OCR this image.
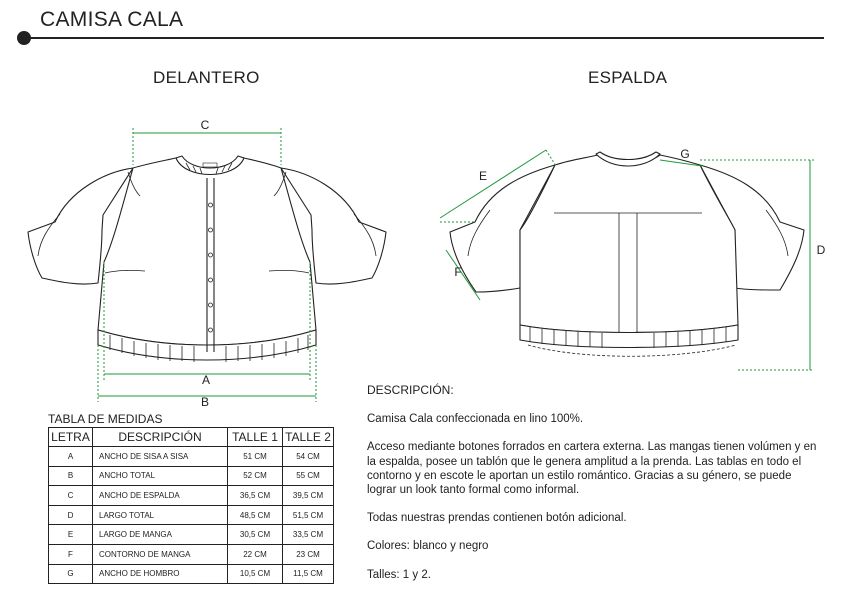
CAMISA CALA
DELANTERO	ESPALDA
C
A
B
E
F
G
D
TABLA DE MEDIDAS
LETRA	DESCRIPCIÓN	TALLE 1	TALLE 2
A	ANCHO DE SISA A SISA	51 CM	54 CM
B	ANCHO TOTAL	52 CM	55 CM
C	ANCHO DE ESPALDA	36,5 CM	39,5 CM
D	LARGO TOTAL	48,5 CM	51,5 CM
E	LARGO DE MANGA	30,5 CM	33,5 CM
F	CONTORNO DE MANGA	22 CM	23 CM
G	ANCHO DE HOMBRO	10,5 CM	11,5 CM

DESCRIPCIÓN:

Camisa Cala confeccionada en lino 100%.

Acceso mediante botones forrados en cartera externa. Las mangas tienen volúmen y en la espalda, posee un tablón que le genera amplitud a la prenda. Las tablas en todo el contorno y en escote le aportan un estilo romántico. Gracias a su género, se puede lograr un look tanto formal como informal.

Todas nuestras prendas contienen botón adicional.

Colores: blanco y negro

Talles: 1 y 2.
